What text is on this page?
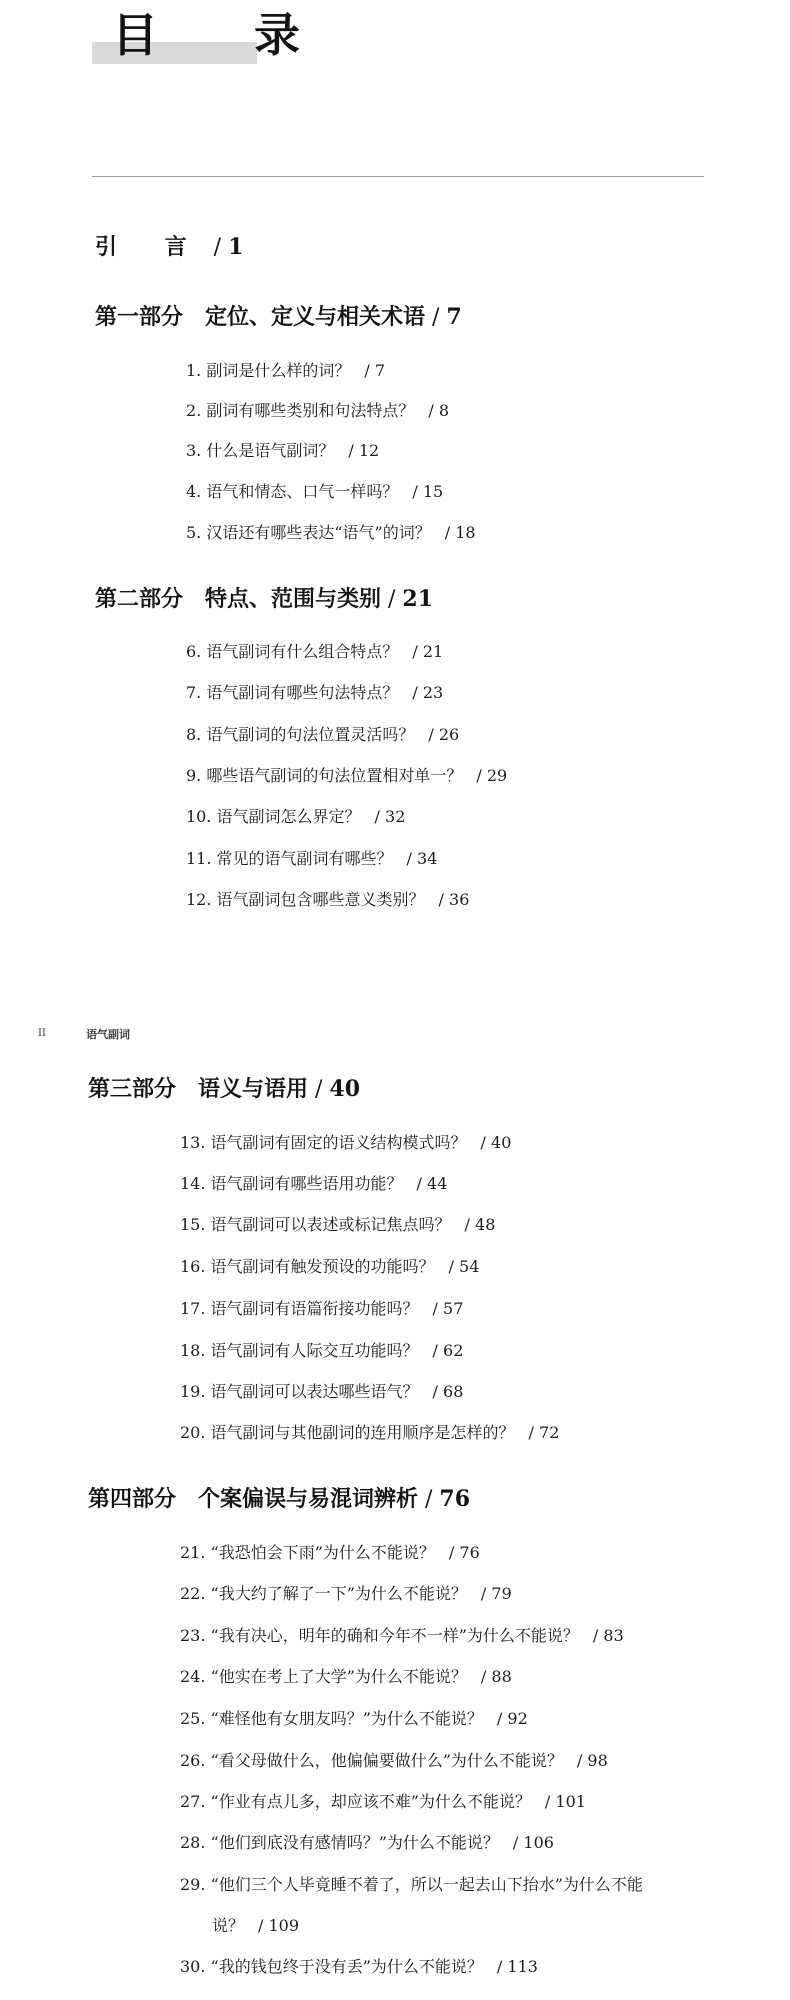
目 录
引 言 / 1
第一部分　定位、定义与相关术语 / 7
1. 副词是什么样的词？ / 7
2. 副词有哪些类别和句法特点？ / 8
3. 什么是语气副词？ / 12
4. 语气和情态、口气一样吗？ / 15
5. 汉语还有哪些表达“语气”的词？ / 18
第二部分　特点、范围与类别 / 21
6. 语气副词有什么组合特点？ / 21
7. 语气副词有哪些句法特点？ / 23
8. 语气副词的句法位置灵活吗？ / 26
9. 哪些语气副词的句法位置相对单一？ / 29
10. 语气副词怎么界定？ / 32
11. 常见的语气副词有哪些？ / 34
12. 语气副词包含哪些意义类别？ / 36
II	语气副词
第三部分　语义与语用 / 40
13. 语气副词有固定的语义结构模式吗？ / 40
14. 语气副词有哪些语用功能？ / 44
15. 语气副词可以表述或标记焦点吗？ / 48
16. 语气副词有触发预设的功能吗？ / 54
17. 语气副词有语篇衔接功能吗？ / 57
18. 语气副词有人际交互功能吗？ / 62
19. 语气副词可以表达哪些语气？ / 68
20. 语气副词与其他副词的连用顺序是怎样的？ / 72
第四部分　个案偏误与易混词辨析 / 76
21. “我恐怕会下雨”为什么不能说？ / 76
22. “我大约了解了一下”为什么不能说？ / 79
23. “我有决心，明年的确和今年不一样”为什么不能说？ / 83
24. “他实在考上了大学”为什么不能说？ / 88
25. “难怪他有女朋友吗？”为什么不能说？ / 92
26. “看父母做什么，他偏偏要做什么”为什么不能说？ / 98
27. “作业有点儿多，却应该不难”为什么不能说？ / 101
28. “他们到底没有感情吗？”为什么不能说？ / 106
29. “他们三个人毕竟睡不着了，所以一起去山下抬水”为什么不能
说？ / 109
30. “我的钱包终于没有丢”为什么不能说？ / 113
